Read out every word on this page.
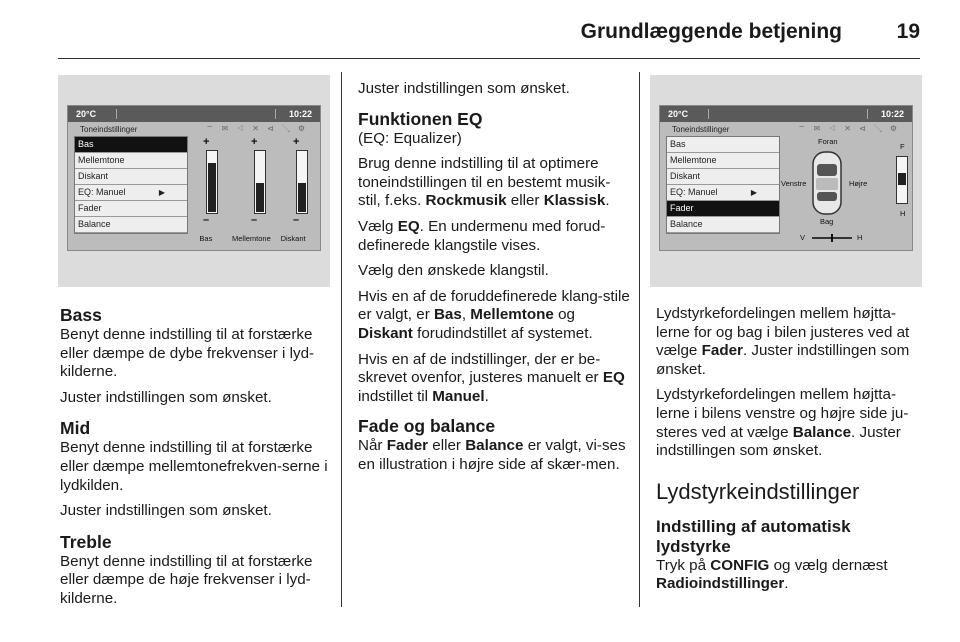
Grundlæggende betjening	19
20°C	10:22
Toneindstillinger	⌔ ✉ ◁ ✕ ⊲ ↘ ⚙
Bas
Mellemtone
Diskant
EQ: Manuel	▶
Fader
Balance
+
–
Bas
+
–
Mellemtone
+
–
Diskant
20°C	10:22
Toneindstillinger	⌔ ✉ ◁ ✕ ⊲ ↘ ⚙
Bas
Mellemtone
Diskant
EQ: Manuel	▶
Fader
Balance
Foran
Bag
Venstre	Højre
F
H
V	H
Bass

Benyt denne indstilling til at forstærke eller dæmpe de dybe frekvenser i lyd-kilderne.

Juster indstillingen som ønsket.

Mid

Benyt denne indstilling til at forstærke eller dæmpe mellemtonefrekven-serne i lydkilden.

Juster indstillingen som ønsket.

Treble

Benyt denne indstilling til at forstærke eller dæmpe de høje frekvenser i lyd-kilderne.

Juster indstillingen som ønsket.

Funktionen EQ

(EQ: Equalizer)

Brug denne indstilling til at optimere toneindstillingen til en bestemt musik-stil, f.eks. Rockmusik eller Klassisk.

Vælg EQ. En undermenu med forud-definerede klangstile vises.

Vælg den ønskede klangstil.

Hvis en af de foruddefinerede klang-stile er valgt, er Bas, Mellemtone og Diskant forudindstillet af systemet.

Hvis en af de indstillinger, der er be-skrevet ovenfor, justeres manuelt er EQ indstillet til Manuel.

Fade og balance

Når Fader eller Balance er valgt, vi-ses en illustration i højre side af skær-men.

Lydstyrkefordelingen mellem højtta-lerne for og bag i bilen justeres ved at vælge Fader. Juster indstillingen som ønsket.

Lydstyrkefordelingen mellem højtta-lerne i bilens venstre og højre side ju-steres ved at vælge Balance. Juster indstillingen som ønsket.

Lydstyrkeindstillinger
Indstilling af automatisk lydstyrke

Tryk på CONFIG og vælg dernæst Radioindstillinger.
